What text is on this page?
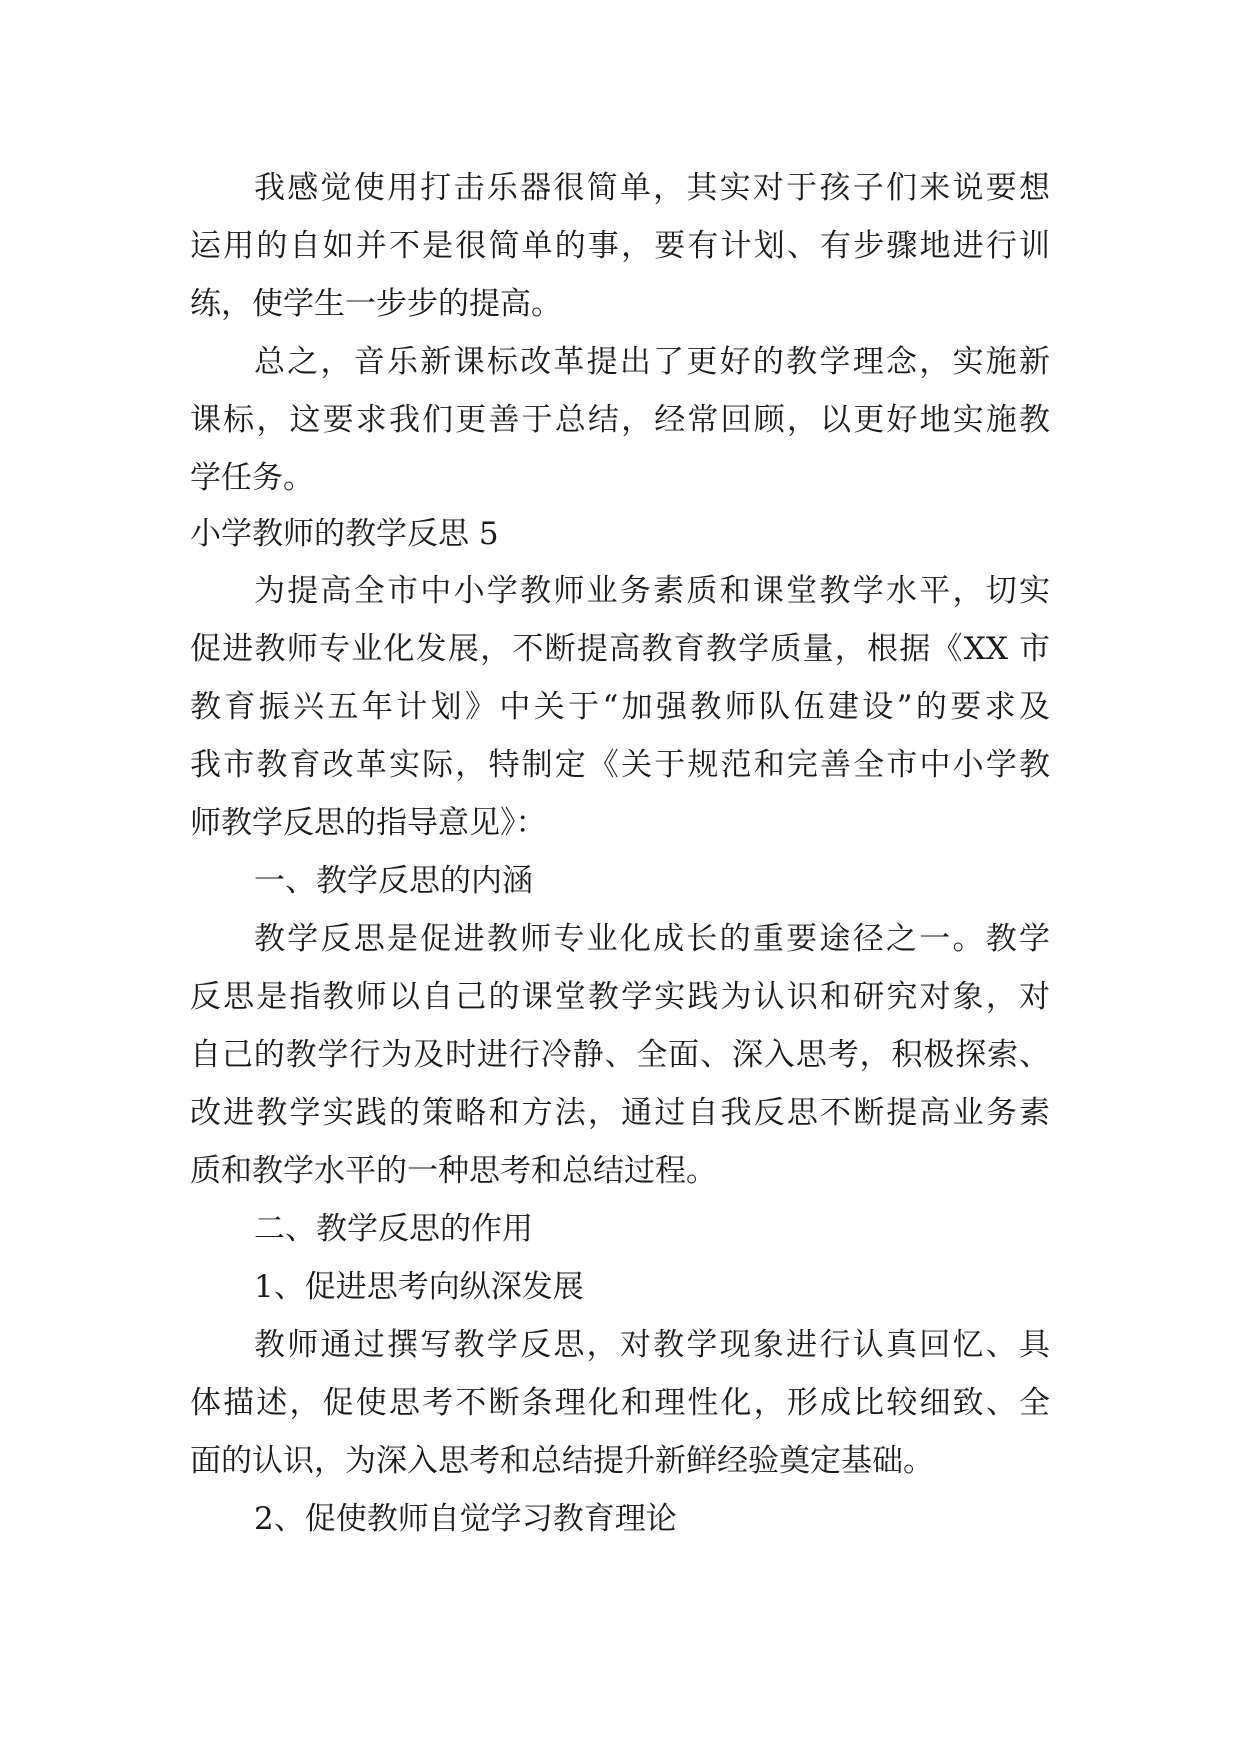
我感觉使用打击乐器很简单，其实对于孩子们来说要想
运用的自如并不是很简单的事，要有计划、有步骤地进行训
练，使学生一步步的提高。
总之，音乐新课标改革提出了更好的教学理念，实施新
课标，这要求我们更善于总结，经常回顾，以更好地实施教
学任务。
小学教师的教学反思 5
为提高全市中小学教师业务素质和课堂教学水平，切实
促进教师专业化发展，不断提高教育教学质量，根据《XX 市
教育振兴五年计划》中关于“加强教师队伍建设”的要求及
我市教育改革实际，特制定《关于规范和完善全市中小学教
师教学反思的指导意见》：
一、教学反思的内涵
教学反思是促进教师专业化成长的重要途径之一。教学
反思是指教师以自己的课堂教学实践为认识和研究对象，对
自己的教学行为及时进行冷静、全面、深入思考，积极探索、
改进教学实践的策略和方法，通过自我反思不断提高业务素
质和教学水平的一种思考和总结过程。
二、教学反思的作用
1、促进思考向纵深发展
教师通过撰写教学反思，对教学现象进行认真回忆、具
体描述，促使思考不断条理化和理性化，形成比较细致、全
面的认识，为深入思考和总结提升新鲜经验奠定基础。
2、促使教师自觉学习教育理论
